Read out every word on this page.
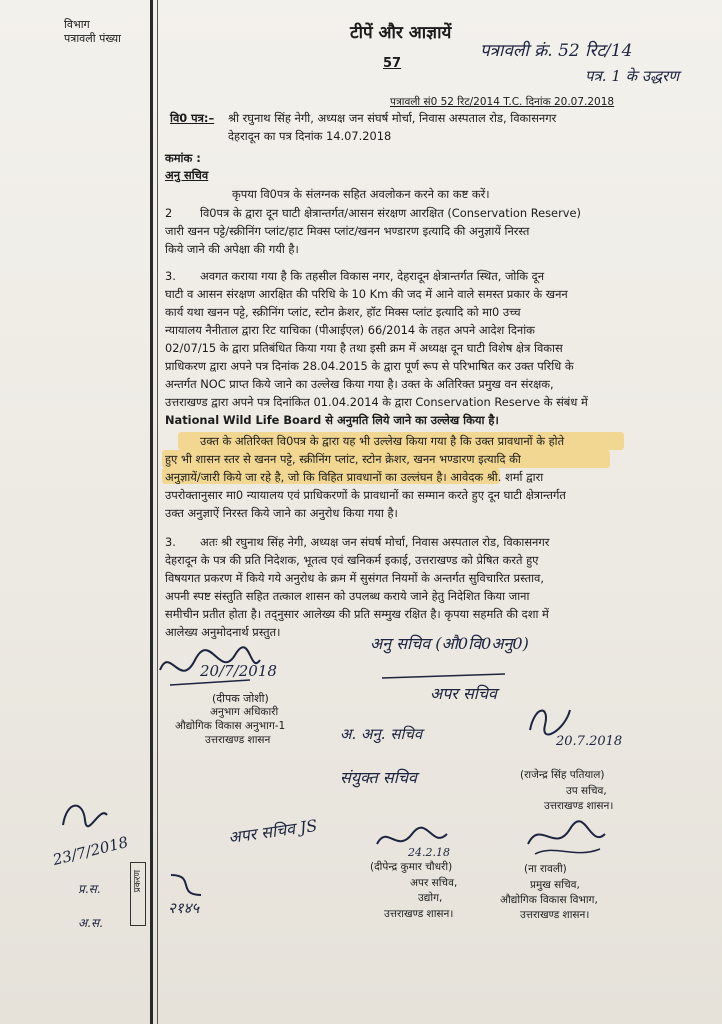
विभाग
पत्रावली पंख्या	टीपें और आज्ञायें
57
पत्रावली क्रं. 52 रिट/14
पत्र. 1 के उद्धरण
पत्रावली सं0 52 रिट/2014 T.C. दिनांक 20.07.2018
वि0 पत्र:– श्री रघुनाथ सिंह नेगी, अध्यक्ष जन संघर्ष मोर्चा, निवास अस्पताल रोड, विकासनगर
देहरादून का पत्र दिनांक 14.07.2018
कमांक :
अनु सचिव
कृपया वि0पत्र के संलग्नक सहित अवलोकन करने का कष्ट करें।
2 वि0पत्र के द्वारा दून घाटी क्षेत्रान्तर्गत/आसन संरक्षण आरक्षित (Conservation Reserve)
जारी खनन पट्टे/स्क्रीनिंग प्लांट/हाट मिक्स प्लांट/खनन भण्डारण इत्यादि की अनुज्ञायें निरस्त
किये जाने की अपेक्षा की गयी है।
3. अवगत कराया गया है कि तहसील विकास नगर, देहरादून क्षेत्रान्तर्गत स्थित, जोकि दून
घाटी व आसन संरक्षण आरक्षित की परिधि के 10 Km की जद में आने वाले समस्त प्रकार के खनन
कार्य यथा खनन पट्टे, स्क्रीनिंग प्लांट, स्टोन क्रेशर, हॉट मिक्स प्लांट इत्यादि को मा0 उच्च
न्यायालय नैनीताल द्वारा रिट याचिका (पीआईएल) 66/2014 के तहत अपने आदेश दिनांक
02/07/15 के द्वारा प्रतिबंधित किया गया है तथा इसी क्रम में अध्यक्ष दून घाटी विशेष क्षेत्र विकास
प्राधिकरण द्वारा अपने पत्र दिनांक 28.04.2015 के द्वारा पूर्ण रूप से परिभाषित कर उक्त परिधि के
अन्तर्गत NOC प्राप्त किये जाने का उल्लेख किया गया है। उक्त के अतिरिक्त प्रमुख वन संरक्षक,
उत्तराखण्ड द्वारा अपने पत्र दिनांकित 01.04.2014 के द्वारा Conservation Reserve के संबंध में
National Wild Life Board से अनुमति लिये जाने का उल्लेख किया है।
उक्त के अतिरिक्त वि0पत्र के द्वारा यह भी उल्लेख किया गया है कि उक्त प्रावधानों के होते
हुए भी शासन स्तर से खनन पट्टे, स्क्रीनिंग प्लांट, स्टोन क्रेशर, खनन भण्डारण इत्यादि की
अनुज्ञायें/जारी किये जा रहे है, जो कि विहित प्रावधानों का उल्लंघन है। आवेदक श्री. शर्मा द्वारा
उपरोक्तानुसार मा0 न्यायालय एवं प्राधिकरणों के प्रावधानों का सम्मान करते हुए दून घाटी क्षेत्रान्तर्गत
उक्त अनुज्ञाऐं निरस्त किये जाने का अनुरोध किया गया है।
3. अतः श्री रघुनाथ सिंह नेगी, अध्यक्ष जन संघर्ष मोर्चा, निवास अस्पताल रोड, विकासनगर
देहरादून के पत्र की प्रति निदेशक, भूतत्व एवं खनिकर्म इकाई, उत्तराखण्ड को प्रेषित करते हुए
विषयगत प्रकरण में किये गये अनुरोध के क्रम में सुसंगत नियमों के अन्तर्गत सुविचारित प्रस्ताव,
अपनी स्पष्ट संस्तुति सहित तत्काल शासन को उपलब्ध कराये जाने हेतु निदेशित किया जाना
समीचीन प्रतीत होता है। तद्नुसार आलेख्य की प्रति सम्मुख रक्षित है। कृपया सहमति की दशा में
आलेख्य अनुमोदनार्थ प्रस्तुत।
20/7/2018
(दीपक जोशी)
अनुभाग अधिकारी
औद्योगिक विकास अनुभाग-1
उत्तराखण्ड शासन
अनु सचिव (औ0वि0अनु0)
अपर सचिव
अ. अनु. सचिव	20.7.2018
संयुक्त सचिव	(राजेन्द्र सिंह पतियाल)
उप सचिव,
उत्तराखण्ड शासन।
23/7/2018
प्र.स.
अ.स.
प्रकरण
२१४५
अपर सचिव JS
24.2.18
(दीपेन्द्र कुमार चौधरी)
अपर सचिव,
उद्योग,
उत्तराखण्ड शासन।
(ना रावली)
प्रमुख सचिव,
औद्योगिक विकास विभाग,
उत्तराखण्ड शासन।
